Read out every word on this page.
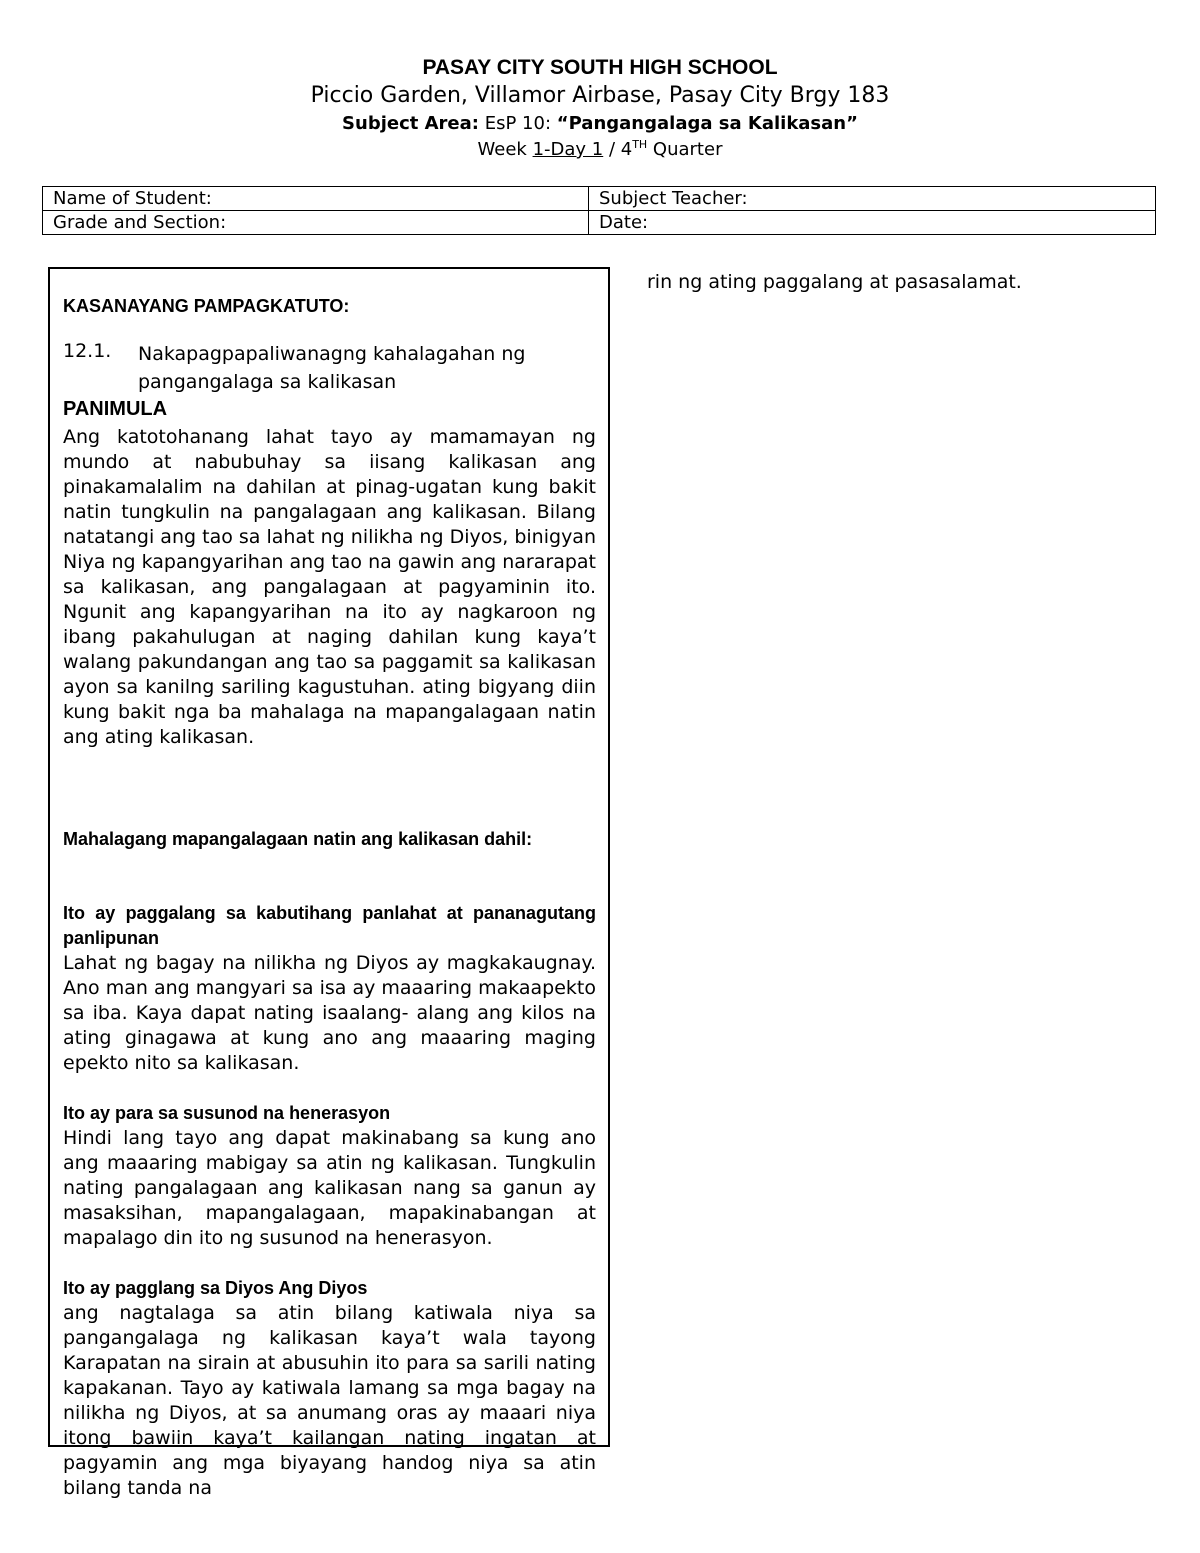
PASAY CITY SOUTH HIGH SCHOOL
Piccio Garden, Villamor Airbase, Pasay City Brgy 183
Subject Area: EsP 10: “Pangangalaga sa Kalikasan”
Week 1-Day 1 / 4TH Quarter
Name of Student:	Subject Teacher:
Grade and Section:	Date:
KASANAYANG PAMPAGKATUTO:
12.1. Nakapagpapaliwanagng kahalagahan ng pangangalaga sa kalikasan
PANIMULA
Ang katotohanang lahat tayo ay mamamayan ng mundo at nabubuhay sa iisang kalikasan ang pinakamalalim na dahilan at pinag-ugatan kung bakit natin tungkulin na pangalagaan ang kalikasan. Bilang natatangi ang tao sa lahat ng nilikha ng Diyos, binigyan Niya ng kapangyarihan ang tao na gawin ang nararapat sa kalikasan, ang pangalagaan at pagyaminin ito. Ngunit ang kapangyarihan na ito ay nagkaroon ng ibang pakahulugan at naging dahilan kung kaya’t walang pakundangan ang tao sa paggamit sa kalikasan ayon sa kanilng sariling kagustuhan. ating bigyang diin kung bakit nga ba mahalaga na mapangalagaan natin ang ating kalikasan.
Mahalagang mapangalagaan natin ang kalikasan dahil:
Ito ay paggalang sa kabutihang panlahat at pananagutang panlipunan
Lahat ng bagay na nilikha ng Diyos ay magkakaugnay. Ano man ang mangyari sa isa ay maaaring makaapekto sa iba. Kaya dapat nating isaalang- alang ang kilos na ating ginagawa at kung ano ang maaaring maging epekto nito sa kalikasan.
Ito ay para sa susunod na henerasyon
Hindi lang tayo ang dapat makinabang sa kung ano ang maaaring mabigay sa atin ng kalikasan. Tungkulin nating pangalagaan ang kalikasan nang sa ganun ay masaksihan, mapangalagaan, mapakinabangan at mapalago din ito ng susunod na henerasyon.
Ito ay pagglang sa Diyos Ang Diyos
ang nagtalaga sa atin bilang katiwala niya sa pangangalaga ng kalikasan kaya’t wala tayong Karapatan na sirain at abusuhin ito para sa sarili nating kapakanan. Tayo ay katiwala lamang sa mga bagay na nilikha ng Diyos, at sa anumang oras ay maaari niya itong bawiin kaya’t kailangan nating ingatan at pagyamin ang mga biyayang handog niya sa atin bilang tanda na
rin ng ating paggalang at pasasalamat.
